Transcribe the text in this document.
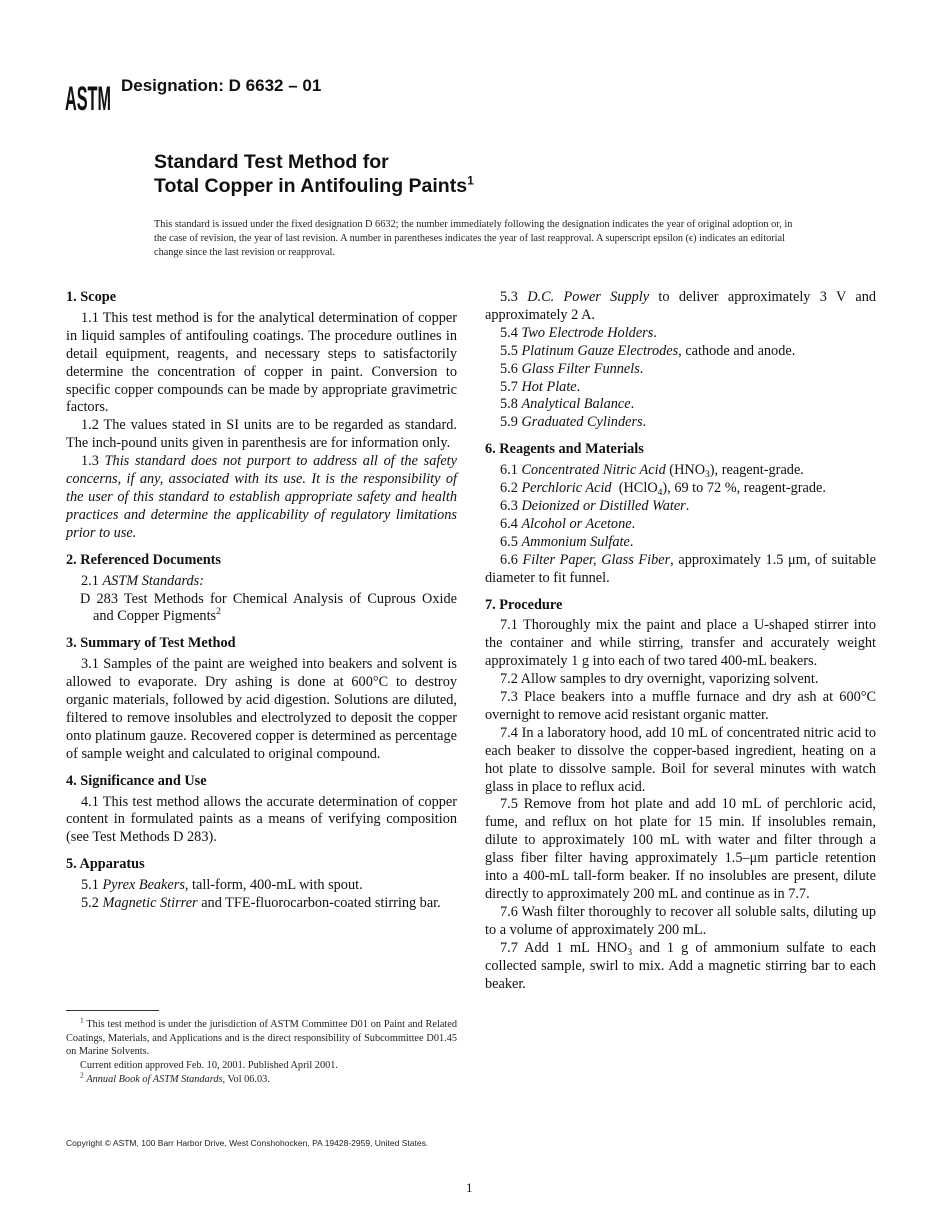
ASTM Designation: D 6632 – 01
Standard Test Method for
Total Copper in Antifouling Paints$^1$
This standard is issued under the fixed designation D 6632; the number immediately following the designation indicates the year of original adoption or, in the case of revision, the year of last revision. A number in parentheses indicates the year of last reapproval. A superscript epsilon (ϵ) indicates an editorial change since the last revision or reapproval.
1. Scope
1.1 This test method is for the analytical determination of copper in liquid samples of antifouling coatings. The procedure outlines in detail equipment, reagents, and necessary steps to satisfactorily determine the concentration of copper in paint. Conversion to specific copper compounds can be made by appropriate gravimetric factors.
1.2 The values stated in SI units are to be regarded as standard. The inch-pound units given in parenthesis are for information only.
1.3 This standard does not purport to address all of the safety concerns, if any, associated with its use. It is the responsibility of the user of this standard to establish appropriate safety and health practices and determine the applicability of regulatory limitations prior to use.
2. Referenced Documents
2.1 ASTM Standards:
D 283 Test Methods for Chemical Analysis of Cuprous Oxide and Copper Pigments$^2$
3. Summary of Test Method
3.1 Samples of the paint are weighed into beakers and solvent is allowed to evaporate. Dry ashing is done at 600°C to destroy organic materials, followed by acid digestion. Solutions are diluted, filtered to remove insolubles and electrolyzed to deposit the copper onto platinum gauze. Recovered copper is determined as percentage of sample weight and calculated to original compound.
4. Significance and Use
4.1 This test method allows the accurate determination of copper content in formulated paints as a means of verifying composition (see Test Methods D 283).
5. Apparatus
5.1 Pyrex Beakers, tall-form, 400-mL with spout.
5.2 Magnetic Stirrer and TFE-fluorocarbon-coated stirring bar.
$^1$ This test method is under the jurisdiction of ASTM Committee D01 on Paint and Related Coatings, Materials, and Applications and is the direct responsibility of Subcommittee D01.45 on Marine Solvents.
Current edition approved Feb. 10, 2001. Published April 2001.
$^2$ Annual Book of ASTM Standards, Vol 06.03.
5.3 D.C. Power Supply to deliver approximately 3 V and approximately 2 A.
5.4 Two Electrode Holders.
5.5 Platinum Gauze Electrodes, cathode and anode.
5.6 Glass Filter Funnels.
5.7 Hot Plate.
5.8 Analytical Balance.
5.9 Graduated Cylinders.
6. Reagents and Materials
6.1 Concentrated Nitric Acid $(HNO_3)$, reagent-grade.
6.2 Perchloric Acid  (HClO$_4$), 69 to 72 %, reagent-grade.
6.3 Deionized or Distilled Water.
6.4 Alcohol or Acetone.
6.5 Ammonium Sulfate.
6.6 Filter Paper, Glass Fiber, approximately 1.5 μm, of suitable diameter to fit funnel.
7. Procedure
7.1 Thoroughly mix the paint and place a U-shaped stirrer into the container and while stirring, transfer and accurately weight approximately 1 g into each of two tared 400-mL beakers.
7.2 Allow samples to dry overnight, vaporizing solvent.
7.3 Place beakers into a muffle furnace and dry ash at 600°C overnight to remove acid resistant organic matter.
7.4 In a laboratory hood, add 10 mL of concentrated nitric acid to each beaker to dissolve the copper-based ingredient, heating on a hot plate to dissolve sample. Boil for several minutes with watch glass in place to reflux acid.
7.5 Remove from hot plate and add 10 mL of perchloric acid, fume, and reflux on hot plate for 15 min. If insolubles remain, dilute to approximately 100 mL with water and filter through a glass fiber filter having approximately 1.5–μm particle retention into a 400-mL tall-form beaker. If no insolubles are present, dilute directly to approximately 200 mL and continue as in 7.7.
7.6 Wash filter thoroughly to recover all soluble salts, diluting up to a volume of approximately 200 mL.
7.7 Add 1 mL $HNO_3$ and 1 g of ammonium sulfate to each collected sample, swirl to mix. Add a magnetic stirring bar to each beaker.
Copyright © ASTM, 100 Barr Harbor Drive, West Conshohocken, PA 19428-2959, United States.
1
